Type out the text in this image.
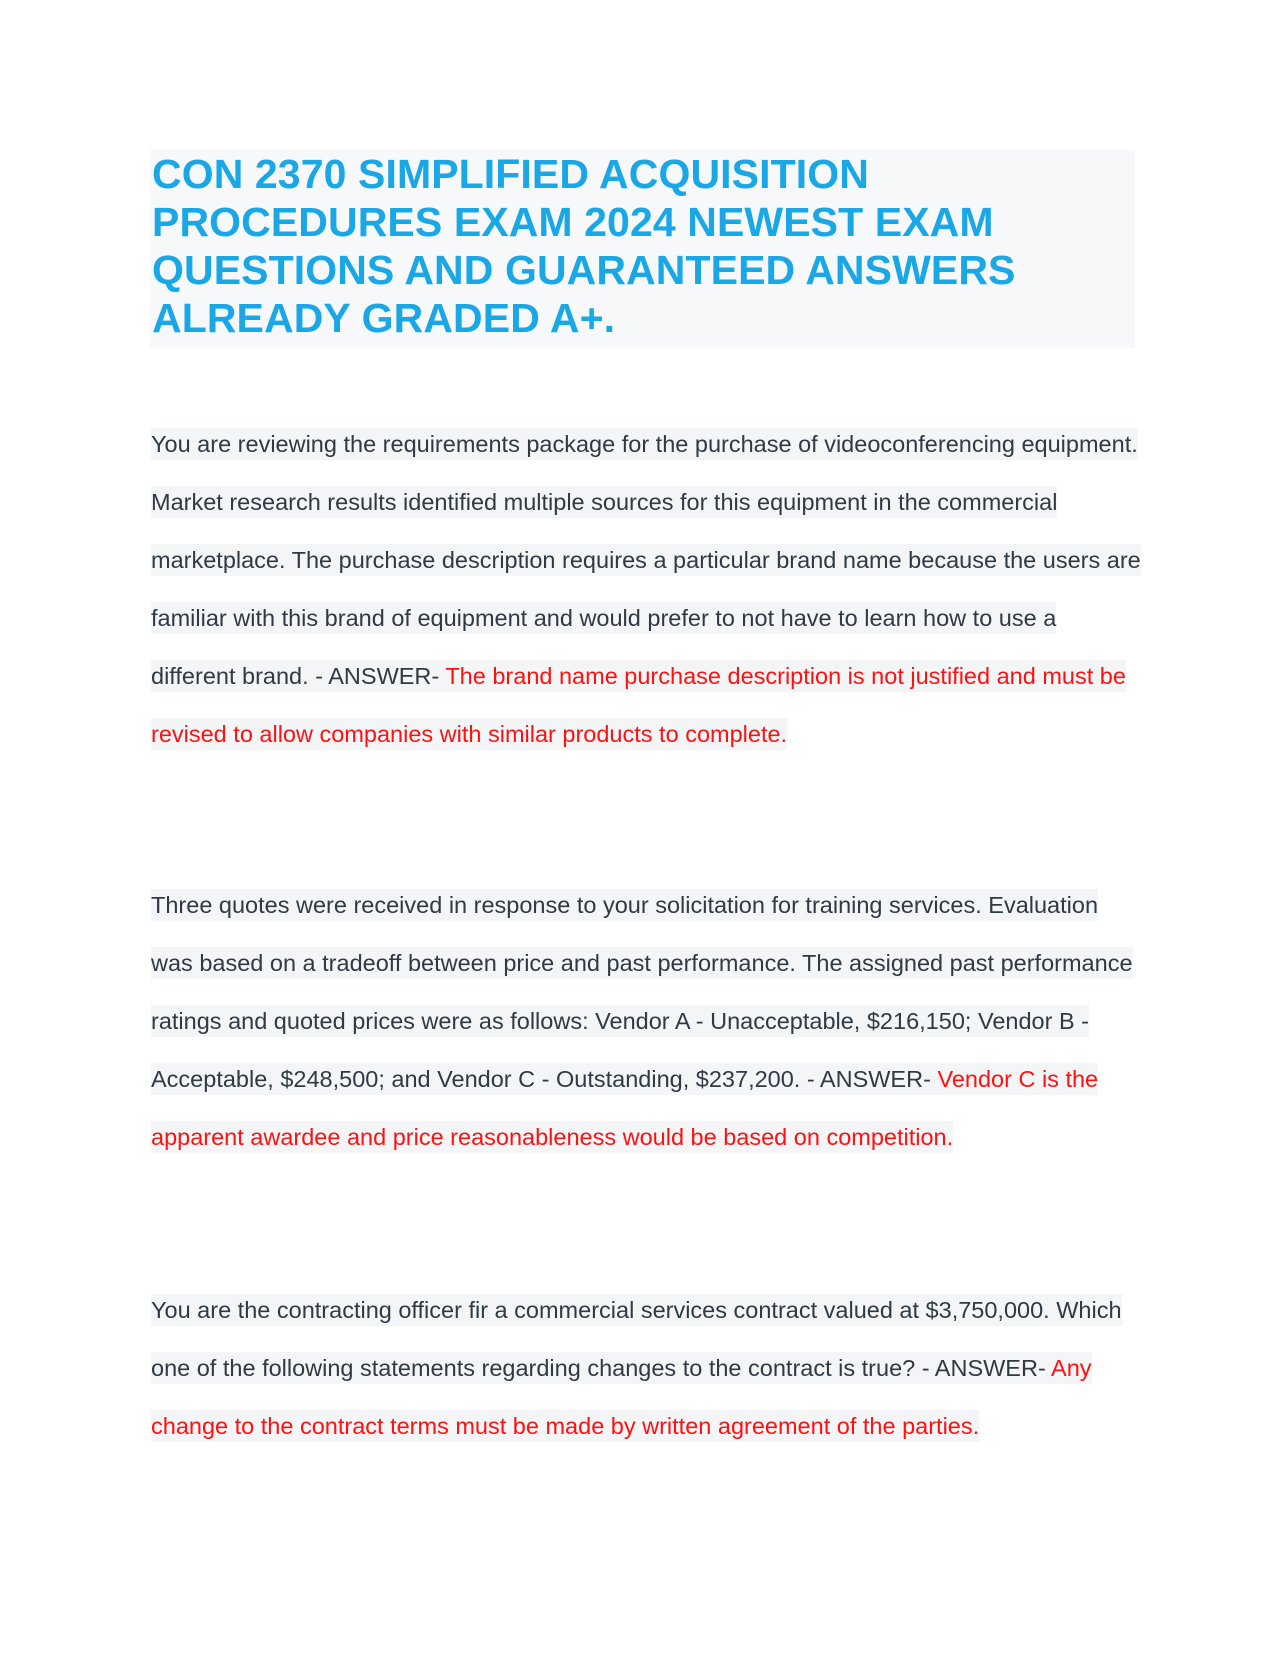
CON 2370 SIMPLIFIED ACQUISITION PROCEDURES EXAM 2024 NEWEST EXAM QUESTIONS AND GUARANTEED ANSWERS ALREADY GRADED A+.

You are reviewing the requirements package for the purchase of videoconferencing equipment. Market research results identified multiple sources for this equipment in the commercial marketplace. The purchase description requires a particular brand name because the users are familiar with this brand of equipment and would prefer to not have to learn how to use a different brand. - ANSWER- The brand name purchase description is not justified and must be revised to allow companies with similar products to complete.

Three quotes were received in response to your solicitation for training services. Evaluation was based on a tradeoff between price and past performance. The assigned past performance ratings and quoted prices were as follows: Vendor A - Unacceptable, $216,150; Vendor B - Acceptable, $248,500; and Vendor C - Outstanding, $237,200. - ANSWER- Vendor C is the apparent awardee and price reasonableness would be based on competition.

You are the contracting officer fir a commercial services contract valued at $3,750,000. Which one of the following statements regarding changes to the contract is true? - ANSWER- Any change to the contract terms must be made by written agreement of the parties.
